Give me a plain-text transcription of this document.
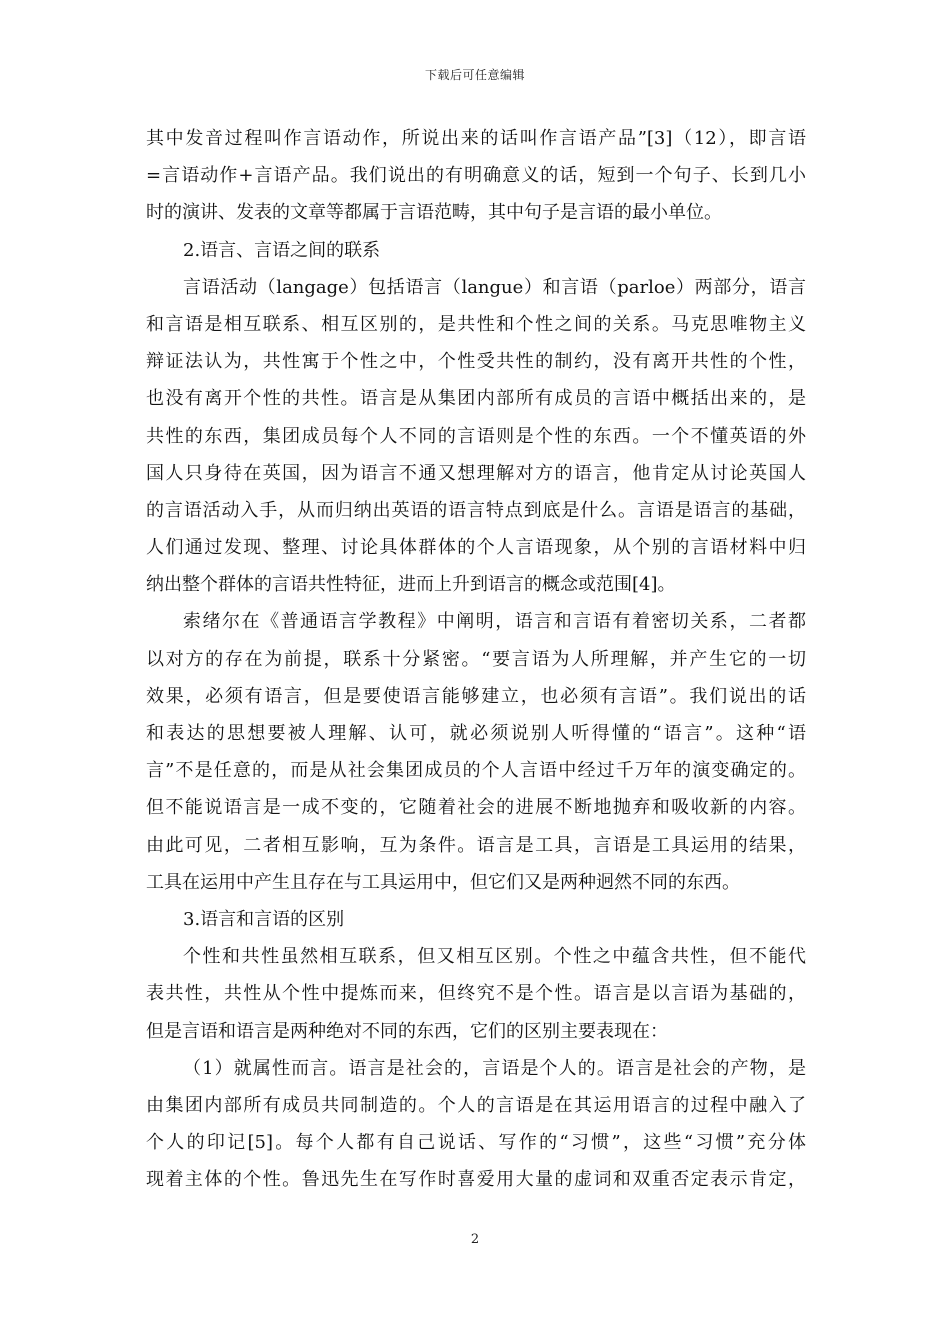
下载后可任意编辑
其中发音过程叫作言语动作，所说出来的话叫作言语产品”[3]（12），即言语
=言语动作+言语产品。我们说出的有明确意义的话，短到一个句子、长到几小
时的演讲、发表的文章等都属于言语范畴，其中句子是言语的最小单位。
2.语言、言语之间的联系
言语活动（langage）包括语言（langue）和言语（parloe）两部分，语言
和言语是相互联系、相互区别的，是共性和个性之间的关系。马克思唯物主义
辩证法认为，共性寓于个性之中，个性受共性的制约，没有离开共性的个性，
也没有离开个性的共性。语言是从集团内部所有成员的言语中概括出来的，是
共性的东西，集团成员每个人不同的言语则是个性的东西。一个不懂英语的外
国人只身待在英国，因为语言不通又想理解对方的语言，他肯定从讨论英国人
的言语活动入手，从而归纳出英语的语言特点到底是什么。言语是语言的基础，
人们通过发现、整理、讨论具体群体的个人言语现象，从个别的言语材料中归
纳出整个群体的言语共性特征，进而上升到语言的概念或范围[4]。
索绪尔在《普通语言学教程》中阐明，语言和言语有着密切关系，二者都
以对方的存在为前提，联系十分紧密。“要言语为人所理解，并产生它的一切
效果，必须有语言，但是要使语言能够建立，也必须有言语”。我们说出的话
和表达的思想要被人理解、认可，就必须说别人听得懂的“语言”。这种“语
言”不是任意的，而是从社会集团成员的个人言语中经过千万年的演变确定的。
但不能说语言是一成不变的，它随着社会的进展不断地抛弃和吸收新的内容。
由此可见，二者相互影响，互为条件。语言是工具，言语是工具运用的结果，
工具在运用中产生且存在与工具运用中，但它们又是两种迥然不同的东西。
3.语言和言语的区别
个性和共性虽然相互联系，但又相互区别。个性之中蕴含共性，但不能代
表共性，共性从个性中提炼而来，但终究不是个性。语言是以言语为基础的，
但是言语和语言是两种绝对不同的东西，它们的区别主要表现在：
（1）就属性而言。语言是社会的，言语是个人的。语言是社会的产物，是
由集团内部所有成员共同制造的。个人的言语是在其运用语言的过程中融入了
个人的印记[5]。每个人都有自己说话、写作的“习惯”，这些“习惯”充分体
现着主体的个性。鲁迅先生在写作时喜爱用大量的虚词和双重否定表示肯定，
2
